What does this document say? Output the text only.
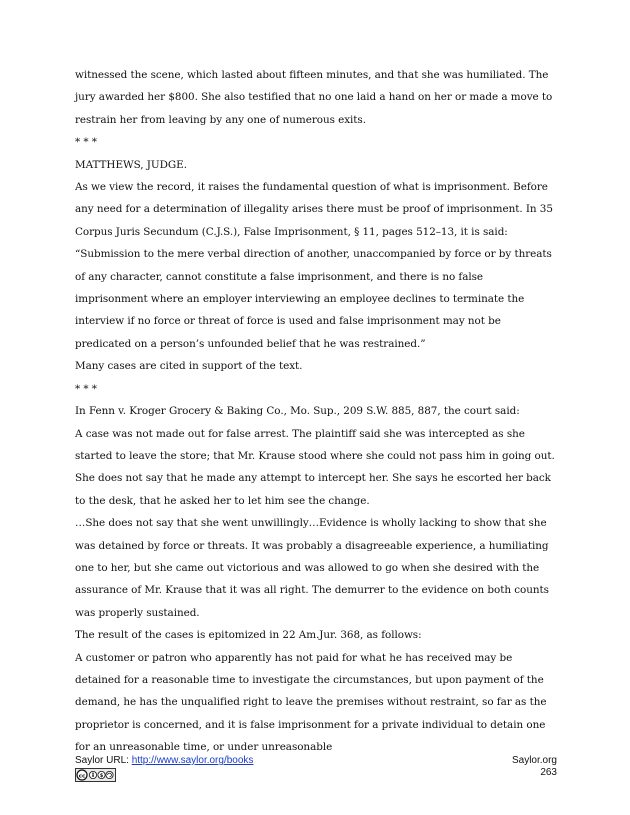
witnessed the scene, which lasted about fifteen minutes, and that she was humiliated. The jury awarded her $800. She also testified that no one laid a hand on her or made a move to restrain her from leaving by any one of numerous exits.

* * *

MATTHEWS, JUDGE.

As we view the record, it raises the fundamental question of what is imprisonment. Before any need for a determination of illegality arises there must be proof of imprisonment. In 35 Corpus Juris Secundum (C.J.S.), False Imprisonment, § 11, pages 512–13, it is said: “Submission to the mere verbal direction of another, unaccompanied by force or by threats of any character, cannot constitute a false imprisonment, and there is no false imprisonment where an employer interviewing an employee declines to terminate the interview if no force or threat of force is used and false imprisonment may not be predicated on a person’s unfounded belief that he was restrained.”

Many cases are cited in support of the text.

* * *

In Fenn v. Kroger Grocery & Baking Co., Mo. Sup., 209 S.W. 885, 887, the court said:

A case was not made out for false arrest. The plaintiff said she was intercepted as she started to leave the store; that Mr. Krause stood where she could not pass him in going out. She does not say that he made any attempt to intercept her. She says he escorted her back to the desk, that he asked her to let him see the change.

…She does not say that she went unwillingly…Evidence is wholly lacking to show that she was detained by force or threats. It was probably a disagreeable experience, a humiliating one to her, but she came out victorious and was allowed to go when she desired with the assurance of Mr. Krause that it was all right. The demurrer to the evidence on both counts was properly sustained.

The result of the cases is epitomized in 22 Am.Jur. 368, as follows:

A customer or patron who apparently has not paid for what he has received may be detained for a reasonable time to investigate the circumstances, but upon payment of the demand, he has the unqualified right to leave the premises without restraint, so far as the proprietor is concerned, and it is false imprisonment for a private individual to detain one for an unreasonable time, or under unreasonable

Saylor URL: http://www.saylor.org/books
cc	$
Saylor.org
263
